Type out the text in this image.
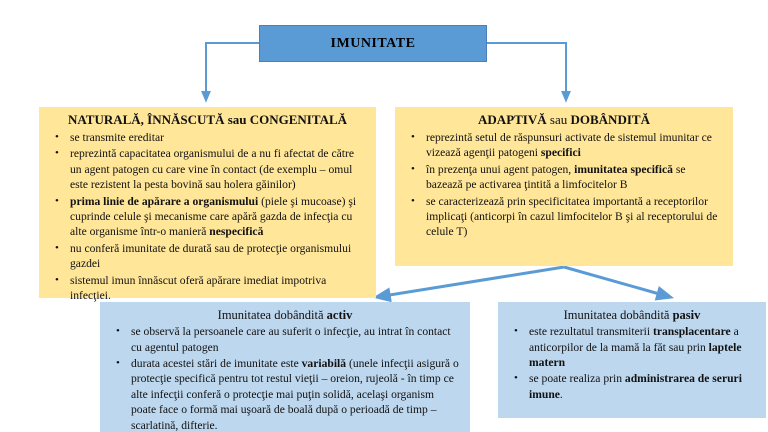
IMUNITATE
NATURALĂ, ÎNNĂSCUTĂ sau CONGENITALĂ
• se transmite ereditar
• reprezintă capacitatea organismului de a nu fi afectat de către un agent patogen cu care vine în contact (de exemplu – omul este rezistent la pesta bovină sau holera găinilor)
• prima linie de apărare a organismului (piele şi mucoase) şi cuprinde celule şi mecanisme care apără gazda de infecţia cu alte organisme într-o manieră nespecifică
• nu conferă imunitate de durată sau de protecţie organismului gazdei
• sistemul imun înnăscut oferă apărare imediat impotriva infecţiei.
ADAPTIVĂ sau DOBÂNDITĂ
• reprezintă setul de răspunsuri activate de sistemul imunitar ce vizează agenţii patogeni specifici
• în prezenţa unui agent patogen, imunitatea specifică se bazează pe activarea ţintită a limfocitelor B
• se caracterizează prin specificitatea importantă a receptorilor implicaţi (anticorpi în cazul limfocitelor B şi al receptorului de celule T)
Imunitatea dobândită activ
• se observă la persoanele care au suferit o infecţie, au intrat în contact cu agentul patogen
• durata acestei stări de imunitate este variabilă (unele infecţii asigură o protecţie specifică pentru tot restul vieţii – oreion, rujeolă - în timp ce alte infecţii conferă o protecţie mai puţin solidă, acelaşi organism poate face o formă mai uşoară de boală după o perioadă de timp – scarlatină, difterie.
Imunitatea dobândită pasiv
• este rezultatul transmiterii transplacentare a anticorpilor de la mamă la făt sau prin laptele matern
• se poate realiza prin administrarea de seruri imune.
